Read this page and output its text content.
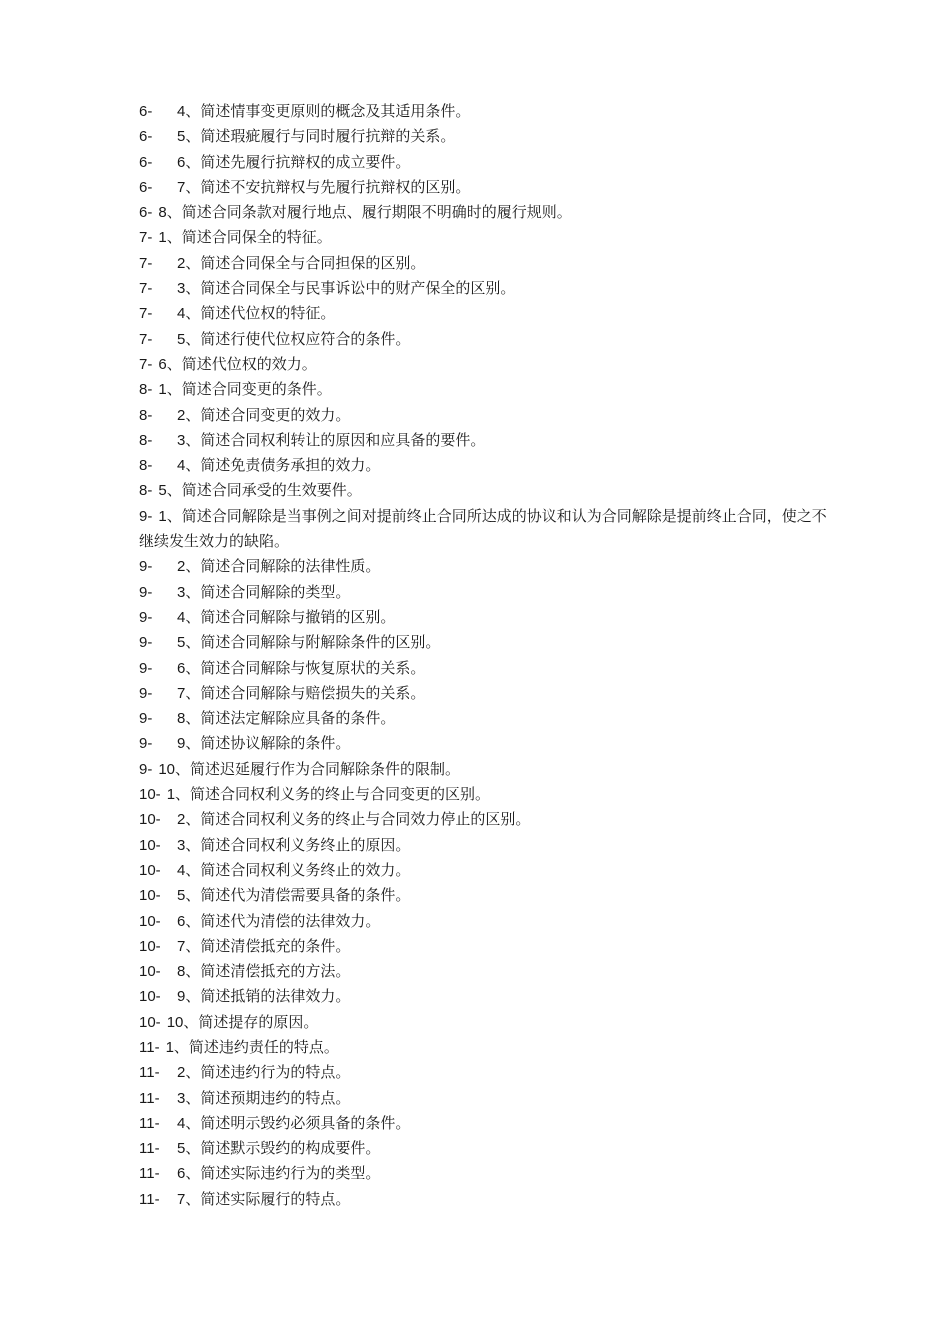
6-	4 、简述情事变更原则的概念及其适用条件。
6-	5 、简述瑕疵履行与同时履行抗辩的关系。
6-	6 、简述先履行抗辩权的成立要件。
6-	7 、简述不安抗辩权与先履行抗辩权的区别。
6- 8 、简述合同条款对履行地点、履行期限不明确时的履行规则。
7- 1 、简述合同保全的特征。
7-	2 、简述合同保全与合同担保的区别。
7-	3 、简述合同保全与民事诉讼中的财产保全的区别。
7-	4 、简述代位权的特征。
7-	5 、简述行使代位权应符合的条件。
7- 6 、简述代位权的效力。
8- 1 、简述合同变更的条件。
8-	2 、简述合同变更的效力。
8-	3 、简述合同权利转让的原因和应具备的要件。
8-	4 、简述免责债务承担的效力。
8- 5 、简述合同承受的生效要件。
9- 1、简述合同解除是当事例之间对提前终止合同所达成的协议和认为合同解除是提前终止合同，使之不继续发生效力的缺陷。
9-	2 、简述合同解除的法律性质。
9-	3 、简述合同解除的类型。
9-	4 、简述合同解除与撤销的区别。
9-	5 、简述合同解除与附解除条件的区别。
9-	6 、简述合同解除与恢复原状的关系。
9-	7 、简述合同解除与赔偿损失的关系。
9-	8 、简述法定解除应具备的条件。
9-	9 、简述协议解除的条件。
9- 10 、简述迟延履行作为合同解除条件的限制。
10- 1 、简述合同权利义务的终止与合同变更的区别。
10-	2 、简述合同权利义务的终止与合同效力停止的区别。
10-	3 、简述合同权利义务终止的原因。
10-	4 、简述合同权利义务终止的效力。
10-	5 、简述代为清偿需要具备的条件。
10-	6 、简述代为清偿的法律效力。
10-	7 、简述清偿抵充的条件。
10-	8 、简述清偿抵充的方法。
10-	9 、简述抵销的法律效力。
10- 10 、简述提存的原因。
11- 1 、简述违约责任的特点。
11-	2 、简述违约行为的特点。
11-	3 、简述预期违约的特点。
11-	4 、简述明示毁约必须具备的条件。
11-	5 、简述默示毁约的构成要件。
11-	6 、简述实际违约行为的类型。
11-	7 、简述实际履行的特点。
